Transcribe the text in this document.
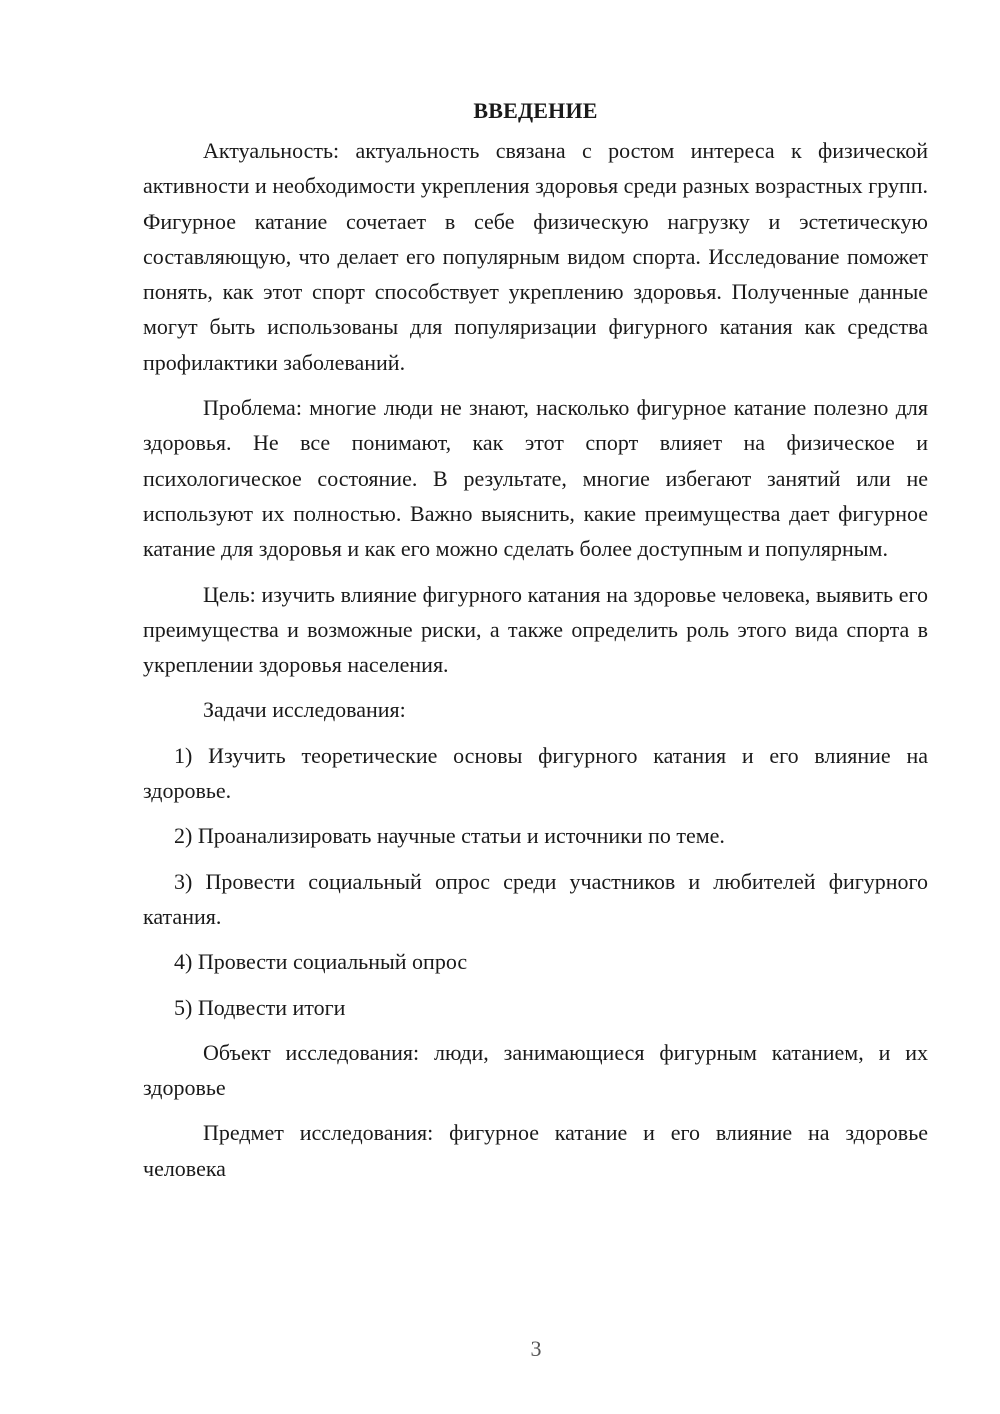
ВВЕДЕНИЕ

Актуальность: актуальность связана с ростом интереса к физической активности и необходимости укрепления здоровья среди разных возрастных групп. Фигурное катание сочетает в себе физическую нагрузку и эстетическую составляющую, что делает его популярным видом спорта. Исследование поможет понять, как этот спорт способствует укреплению здоровья. Полученные данные могут быть использованы для популяризации фигурного катания как средства профилактики заболеваний.

Проблема: многие люди не знают, насколько фигурное катание полезно для здоровья. Не все понимают, как этот спорт влияет на физическое и психологическое состояние. В результате, многие избегают занятий или не используют их полностью. Важно выяснить, какие преимущества дает фигурное катание для здоровья и как его можно сделать более доступным и популярным.

Цель: изучить влияние фигурного катания на здоровье человека, выявить его преимущества и возможные риски, а также определить роль этого вида спорта в укреплении здоровья населения.

Задачи исследования:

1) Изучить теоретические основы фигурного катания и его влияние на здоровье.

2) Проанализировать научные статьи и источники по теме.

3) Провести социальный опрос среди участников и любителей фигурного катания.

4) Провести социальный опрос

5) Подвести итоги

Объект исследования: люди, занимающиеся фигурным катанием, и их здоровье

Предмет исследования: фигурное катание и его влияние на здоровье человека

3
